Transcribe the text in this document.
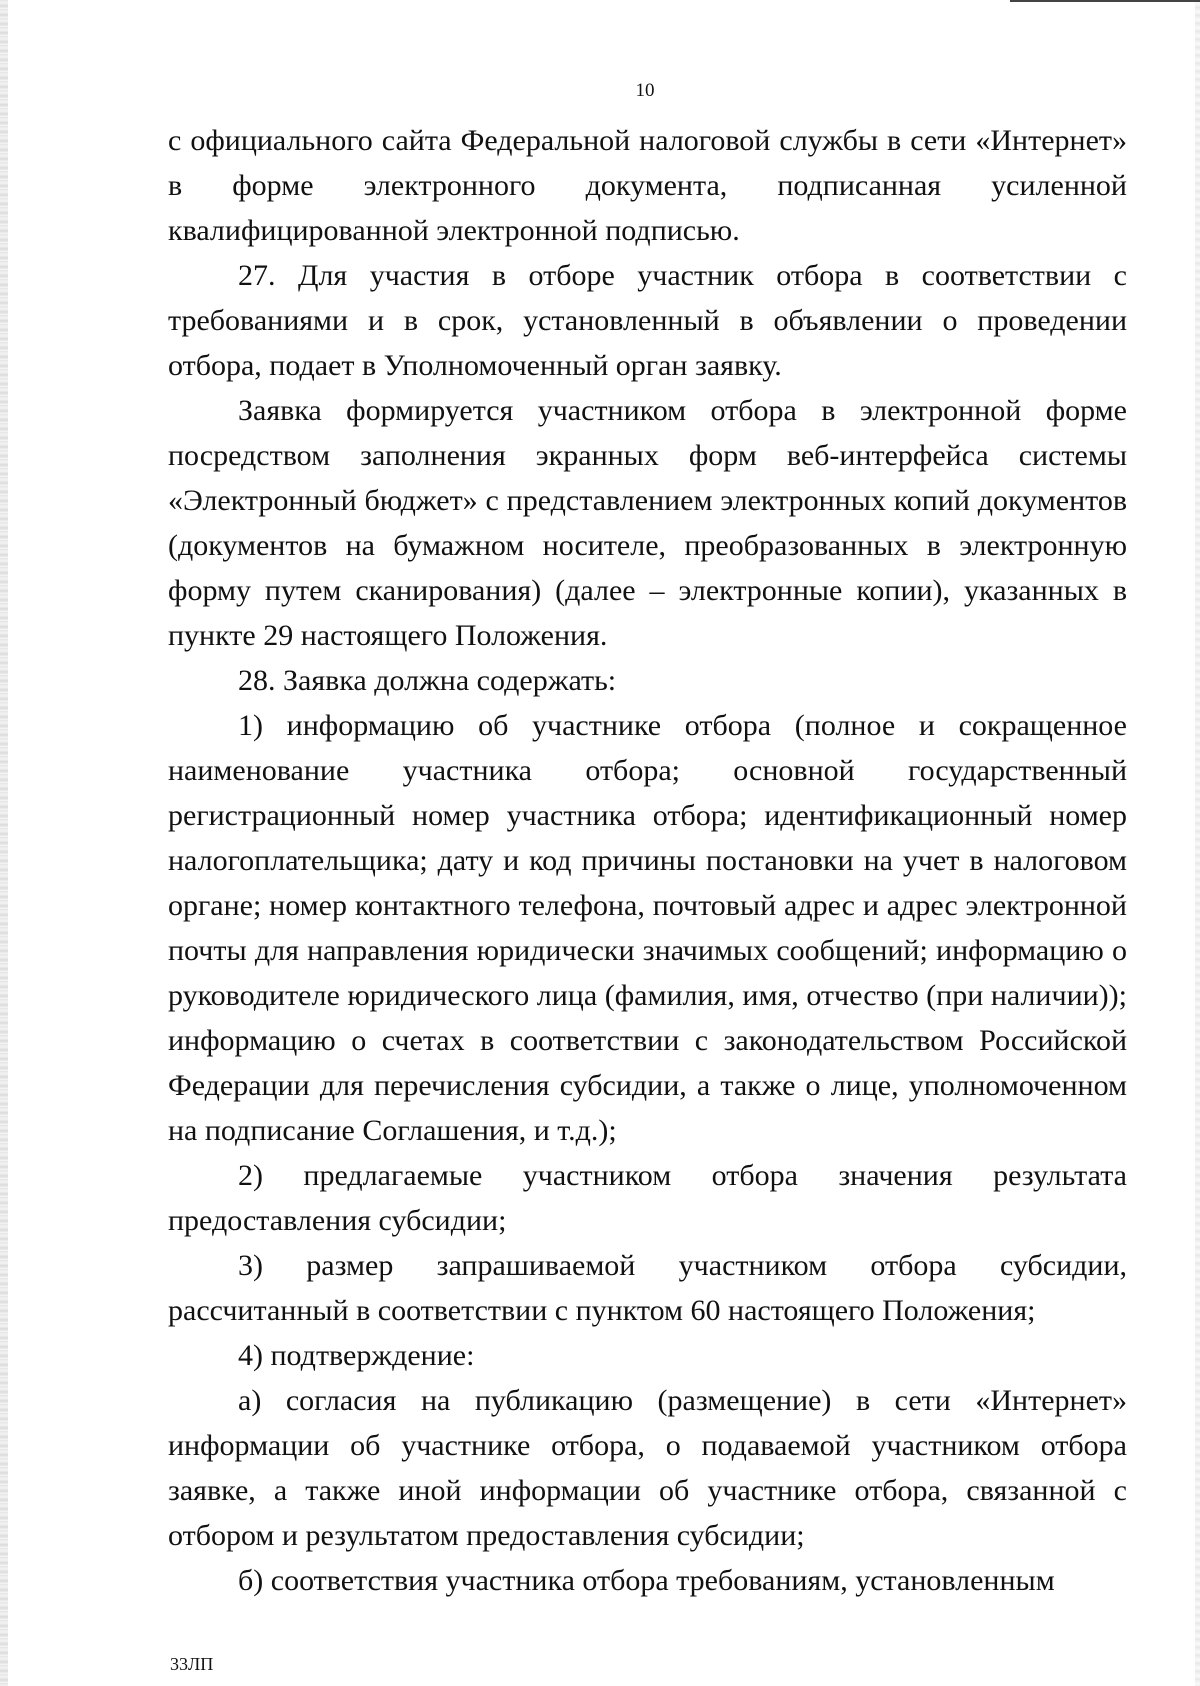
10

с официального сайта Федеральной налоговой службы в сети «Интернет» в форме электронного документа, подписанная усиленной квалифицированной электронной подписью.

27. Для участия в отборе участник отбора в соответствии с требованиями и в срок, установленный в объявлении о проведении отбора, подает в Уполномоченный орган заявку.

Заявка формируется участником отбора в электронной форме посредством заполнения экранных форм веб-интерфейса системы «Электронный бюджет» с представлением электронных копий документов (документов на бумажном носителе, преобразованных в электронную форму путем сканирования) (далее – электронные копии), указанных в пункте 29 настоящего Положения.

28. Заявка должна содержать:

1) информацию об участнике отбора (полное и сокращенное наименование участника отбора; основной государственный регистрационный номер участника отбора; идентификационный номер налогоплательщика; дату и код причины постановки на учет в налоговом органе; номер контактного телефона, почтовый адрес и адрес электронной почты для направления юридически значимых сообщений; информацию о руководителе юридического лица (фамилия, имя, отчество (при наличии)); информацию о счетах в соответствии с законодательством Российской Федерации для перечисления субсидии, а также о лице, уполномоченном на подписание Соглашения, и т.д.);

2) предлагаемые участником отбора значения результата предоставления субсидии;

3) размер запрашиваемой участником отбора субсидии, рассчитанный в соответствии с пунктом 60 настоящего Положения;

4) подтверждение:

а) согласия на публикацию (размещение) в сети «Интернет» информации об участнике отбора, о подаваемой участником отбора заявке, а также иной информации об участнике отбора, связанной с отбором и результатом предоставления субсидии;

б) соответствия участника отбора требованиям, установленным

33ЛП
